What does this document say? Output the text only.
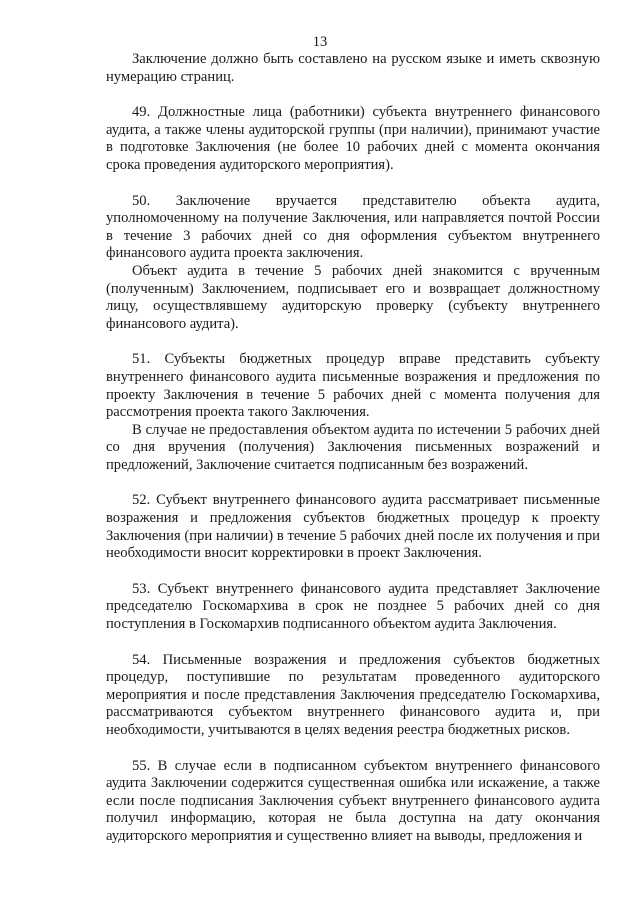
13

Заключение должно быть составлено на русском языке и иметь сквозную нумерацию страниц.

49. Должностные лица (работники) субъекта внутреннего финансового аудита, а также члены аудиторской группы (при наличии), принимают участие в подготовке Заключения (не более 10 рабочих дней с момента окончания срока проведения аудиторского мероприятия).

50. Заключение вручается представителю объекта аудита, уполномоченному на получение Заключения, или направляется почтой России в течение 3 рабочих дней со дня оформления субъектом внутреннего финансового аудита проекта заключения.

Объект аудита в течение 5 рабочих дней знакомится с врученным (полученным) Заключением, подписывает его и возвращает должностному лицу, осуществлявшему аудиторскую проверку (субъекту внутреннего финансового аудита).

51. Субъекты бюджетных процедур вправе представить субъекту внутреннего финансового аудита письменные возражения и предложения по проекту Заключения в течение 5 рабочих дней с момента получения для рассмотрения проекта такого Заключения.

В случае не предоставления объектом аудита по истечении 5 рабочих дней со дня вручения (получения) Заключения письменных возражений и предложений, Заключение считается подписанным без возражений.

52. Субъект внутреннего финансового аудита рассматривает письменные возражения и предложения субъектов бюджетных процедур к проекту Заключения (при наличии) в течение 5 рабочих дней после их получения и при необходимости вносит корректировки в проект Заключения.

53. Субъект внутреннего финансового аудита представляет Заключение председателю Госкомархива в срок не позднее 5 рабочих дней со дня поступления в Госкомархив подписанного объектом аудита Заключения.

54. Письменные возражения и предложения субъектов бюджетных процедур, поступившие по результатам проведенного аудиторского мероприятия и после представления Заключения председателю Госкомархива, рассматриваются субъектом внутреннего финансового аудита и, при необходимости, учитываются в целях ведения реестра бюджетных рисков.

55. В случае если в подписанном субъектом внутреннего финансового аудита Заключении содержится существенная ошибка или искажение, а также если после подписания Заключения субъект внутреннего финансового аудита получил информацию, которая не была доступна на дату окончания аудиторского мероприятия и существенно влияет на выводы, предложения и
